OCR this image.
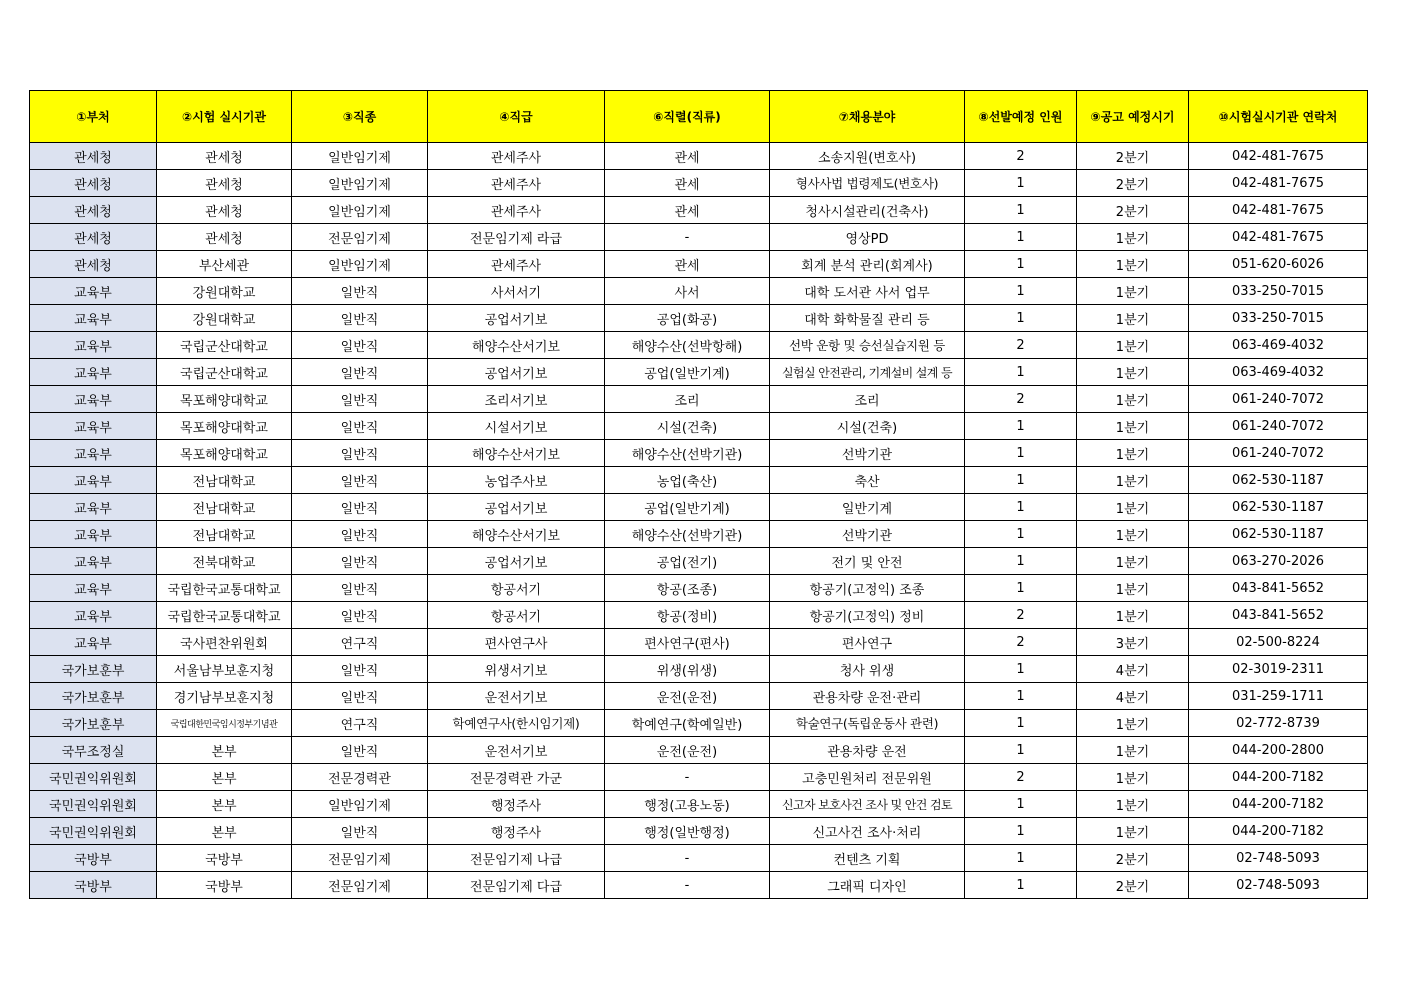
①부처	②시험 실시기관	③직종	④직급	⑥직렬(직류)	⑦채용분야	⑧선발예정 인원	⑨공고 예정시기	⑩시험실시기관 연락처
관세청	관세청	일반임기제	관세주사	관세	소송지원(변호사)	2	2분기	042-481-7675
관세청	관세청	일반임기제	관세주사	관세	형사사법 법령제도(변호사)	1	2분기	042-481-7675
관세청	관세청	일반임기제	관세주사	관세	청사시설관리(건축사)	1	2분기	042-481-7675
관세청	관세청	전문임기제	전문임기제 라급	-	영상PD	1	1분기	042-481-7675
관세청	부산세관	일반임기제	관세주사	관세	회계 분석 관리(회계사)	1	1분기	051-620-6026
교육부	강원대학교	일반직	사서서기	사서	대학 도서관 사서 업무	1	1분기	033-250-7015
교육부	강원대학교	일반직	공업서기보	공업(화공)	대학 화학물질 관리 등	1	1분기	033-250-7015
교육부	국립군산대학교	일반직	해양수산서기보	해양수산(선박항해)	선박 운항 및 승선실습지원 등	2	1분기	063-469-4032
교육부	국립군산대학교	일반직	공업서기보	공업(일반기계)	실험실 안전관리, 기계설비 설계 등	1	1분기	063-469-4032
교육부	목포해양대학교	일반직	조리서기보	조리	조리	2	1분기	061-240-7072
교육부	목포해양대학교	일반직	시설서기보	시설(건축)	시설(건축)	1	1분기	061-240-7072
교육부	목포해양대학교	일반직	해양수산서기보	해양수산(선박기관)	선박기관	1	1분기	061-240-7072
교육부	전남대학교	일반직	농업주사보	농업(축산)	축산	1	1분기	062-530-1187
교육부	전남대학교	일반직	공업서기보	공업(일반기계)	일반기계	1	1분기	062-530-1187
교육부	전남대학교	일반직	해양수산서기보	해양수산(선박기관)	선박기관	1	1분기	062-530-1187
교육부	전북대학교	일반직	공업서기보	공업(전기)	전기 및 안전	1	1분기	063-270-2026
교육부	국립한국교통대학교	일반직	항공서기	항공(조종)	항공기(고정익) 조종	1	1분기	043-841-5652
교육부	국립한국교통대학교	일반직	항공서기	항공(정비)	항공기(고정익) 정비	2	1분기	043-841-5652
교육부	국사편찬위원회	연구직	편사연구사	편사연구(편사)	편사연구	2	3분기	02-500-8224
국가보훈부	서울남부보훈지청	일반직	위생서기보	위생(위생)	청사 위생	1	4분기	02-3019-2311
국가보훈부	경기남부보훈지청	일반직	운전서기보	운전(운전)	관용차량 운전·관리	1	4분기	031-259-1711
국가보훈부	국립대한민국임시정부기념관	연구직	학예연구사(한시임기제)	학예연구(학예일반)	학술연구(독립운동사 관련)	1	1분기	02-772-8739
국무조정실	본부	일반직	운전서기보	운전(운전)	관용차량 운전	1	1분기	044-200-2800
국민권익위원회	본부	전문경력관	전문경력관 가군	-	고충민원처리 전문위원	2	1분기	044-200-7182
국민권익위원회	본부	일반임기제	행정주사	행정(고용노동)	신고자 보호사건 조사 및 안건 검토	1	1분기	044-200-7182
국민권익위원회	본부	일반직	행정주사	행정(일반행정)	신고사건 조사·처리	1	1분기	044-200-7182
국방부	국방부	전문임기제	전문임기제 나급	-	컨텐츠 기획	1	2분기	02-748-5093
국방부	국방부	전문임기제	전문임기제 다급	-	그래픽 디자인	1	2분기	02-748-5093
